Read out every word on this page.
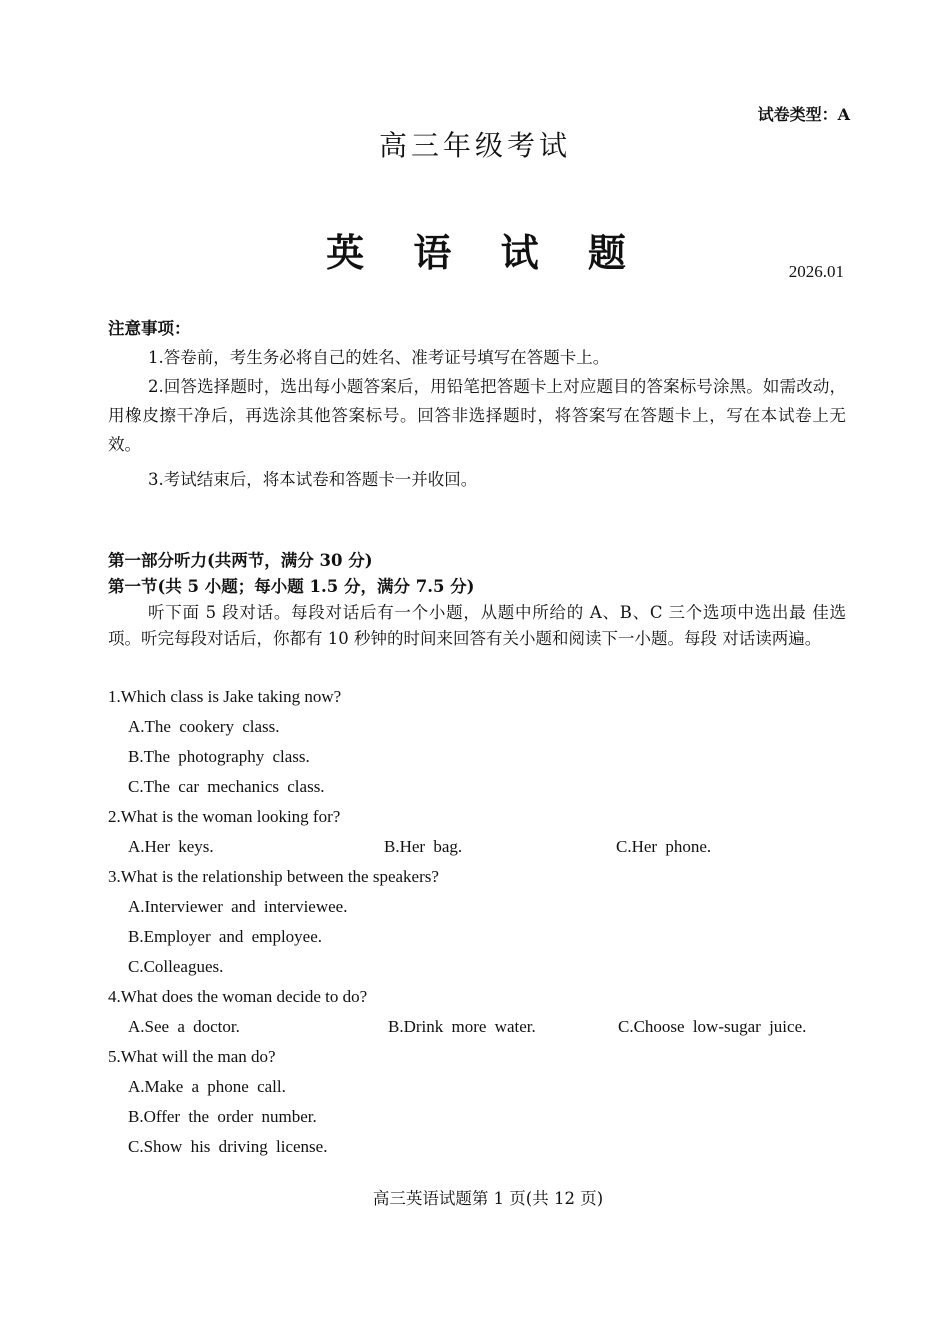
试卷类型：A
高三年级考试
英 语 试 题	2026.01
注意事项：

1.答卷前，考生务必将自己的姓名、准考证号填写在答题卡上。

2.回答选择题时，选出每小题答案后，用铅笔把答题卡上对应题目的答案标号涂黑。如需改动，用橡皮擦干净后，再选涂其他答案标号。回答非选择题时，将答案写在答题卡上，写在本试卷上无效。

3.考试结束后，将本试卷和答题卡一并收回。

第一部分听力(共两节，满分 30 分)
第一节(共 5 小题；每小题 1.5 分，满分 7.5 分)
听下面 5 段对话。每段对话后有一个小题，从题中所给的 A、B、C 三个选项中选出最 佳选项。听完每段对话后，你都有 10 秒钟的时间来回答有关小题和阅读下一小题。每段 对话读两遍。
1.Which class is Jake taking now?
A.The cookery class.
B.The photography class.
C.The car mechanics class.
2.What is the woman looking for?
A.Her keys.	B.Her bag.	C.Her phone.
3.What is the relationship between the speakers?
A.Interviewer and interviewee.
B.Employer and employee.
C.Colleagues.
4.What does the woman decide to do?
A.See a doctor.	B.Drink more water.	C.Choose low-sugar juice.
5.What will the man do?
A.Make a phone call.
B.Offer the order number.
C.Show his driving license.
高三英语试题第 1 页(共 12 页)
